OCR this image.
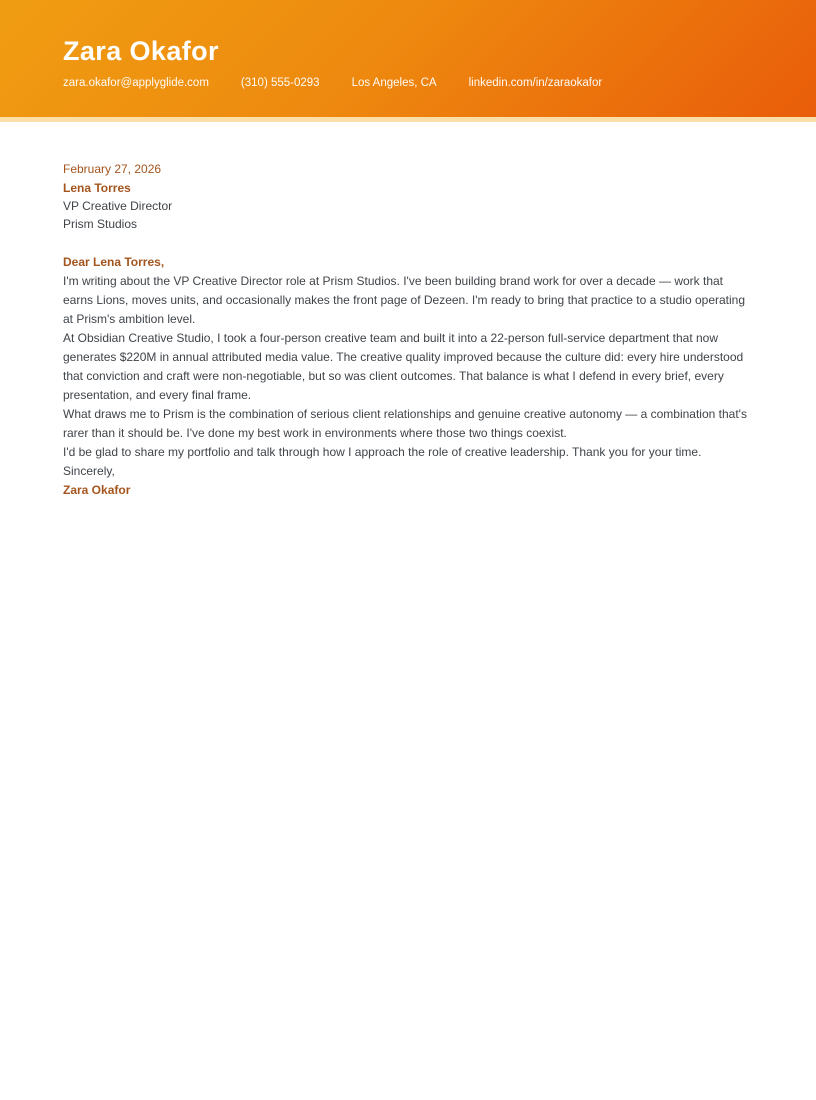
Zara Okafor
zara.okafor@applyglide.com	(310) 555-0293	Los Angeles, CA	linkedin.com/in/zaraokafor

February 27, 2026

Lena Torres

VP Creative Director

Prism Studios

Dear Lena Torres,

I'm writing about the VP Creative Director role at Prism Studios. I've been building brand work for over a decade — work that earns Lions, moves units, and occasionally makes the front page of Dezeen. I'm ready to bring that practice to a studio operating at Prism's ambition level.

At Obsidian Creative Studio, I took a four-person creative team and built it into a 22-person full-service department that now generates $220M in annual attributed media value. The creative quality improved because the culture did: every hire understood that conviction and craft were non-negotiable, but so was client outcomes. That balance is what I defend in every brief, every presentation, and every final frame.

What draws me to Prism is the combination of serious client relationships and genuine creative autonomy — a combination that's rarer than it should be. I've done my best work in environments where those two things coexist.

I'd be glad to share my portfolio and talk through how I approach the role of creative leadership. Thank you for your time.

Sincerely,

Zara Okafor
